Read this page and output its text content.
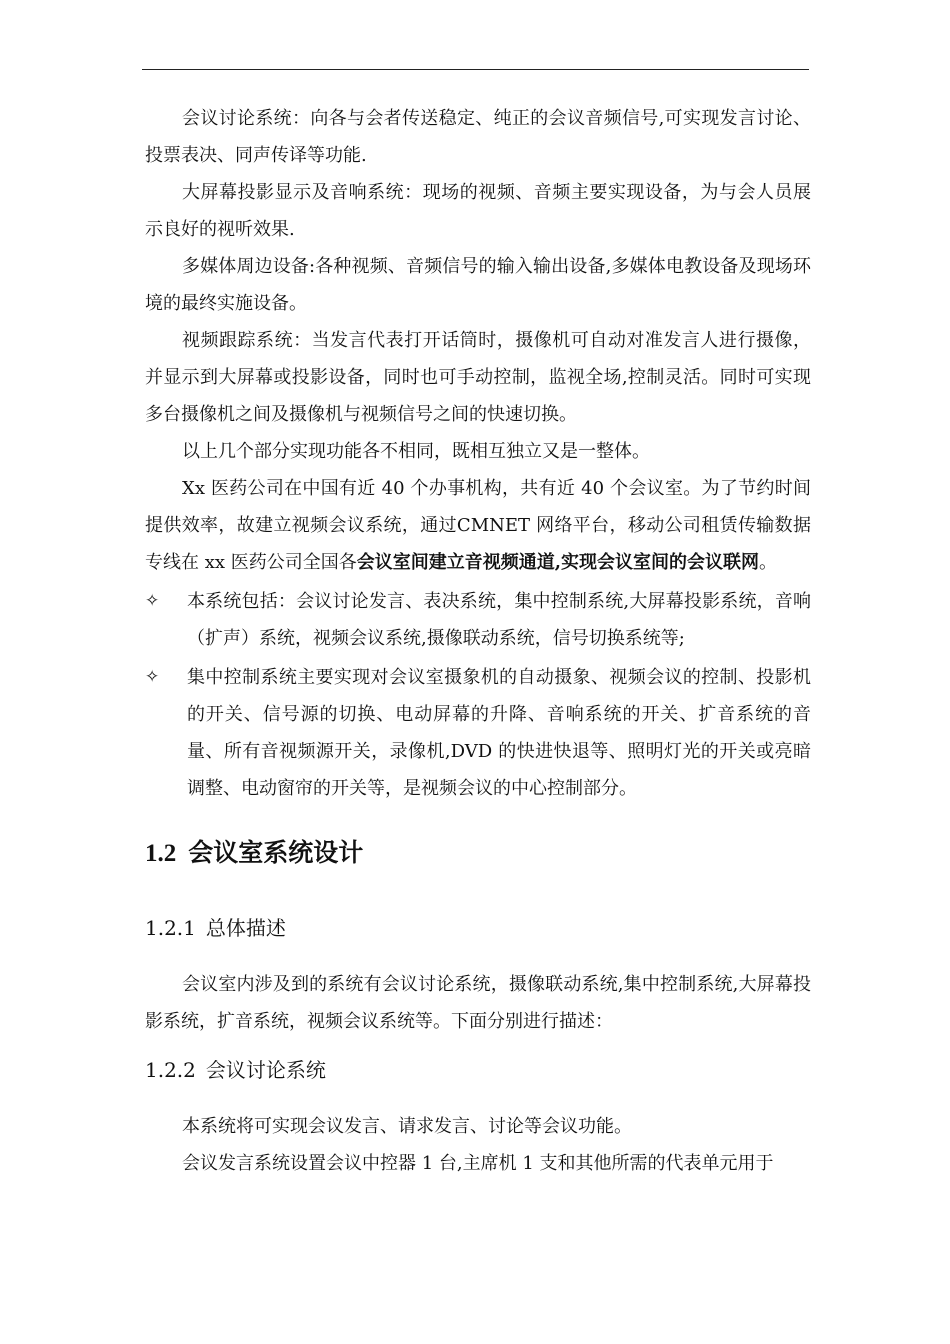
会议讨论系统：向各与会者传送稳定、纯正的会议音频信号,可实现发言讨论、投票表决、同声传译等功能.

大屏幕投影显示及音响系统：现场的视频、音频主要实现设备，为与会人员展示良好的视听效果.

多媒体周边设备:各种视频、音频信号的输入输出设备,多媒体电教设备及现场环境的最终实施设备。

视频跟踪系统：当发言代表打开话筒时，摄像机可自动对准发言人进行摄像，并显示到大屏幕或投影设备，同时也可手动控制，监视全场,控制灵活。同时可实现多台摄像机之间及摄像机与视频信号之间的快速切换。

以上几个部分实现功能各不相同，既相互独立又是一整体。

Xx 医药公司在中国有近 40 个办事机构，共有近 40 个会议室。为了节约时间提供效率，故建立视频会议系统，通过CMNET 网络平台，移动公司租赁传输数据专线在 xx 医药公司全国各会议室间建立音视频通道,实现会议室间的会议联网。

✧	本系统包括：会议讨论发言、表决系统，集中控制系统,大屏幕投影系统，音响（扩声）系统，视频会议系统,摄像联动系统，信号切换系统等;
✧	集中控制系统主要实现对会议室摄象机的自动摄象、视频会议的控制、投影机的开关、信号源的切换、电动屏幕的升降、音响系统的开关、扩音系统的音量、所有音视频源开关，录像机,DVD 的快进快退等、照明灯光的开关或亮暗调整、电动窗帘的开关等，是视频会议的中心控制部分。
1.2 会议室系统设计
1.2.1 总体描述

会议室内涉及到的系统有会议讨论系统，摄像联动系统,集中控制系统,大屏幕投影系统，扩音系统，视频会议系统等。下面分别进行描述：

1.2.2 会议讨论系统

本系统将可实现会议发言、请求发言、讨论等会议功能。

会议发言系统设置会议中控器 1 台,主席机 1 支和其他所需的代表单元用于
